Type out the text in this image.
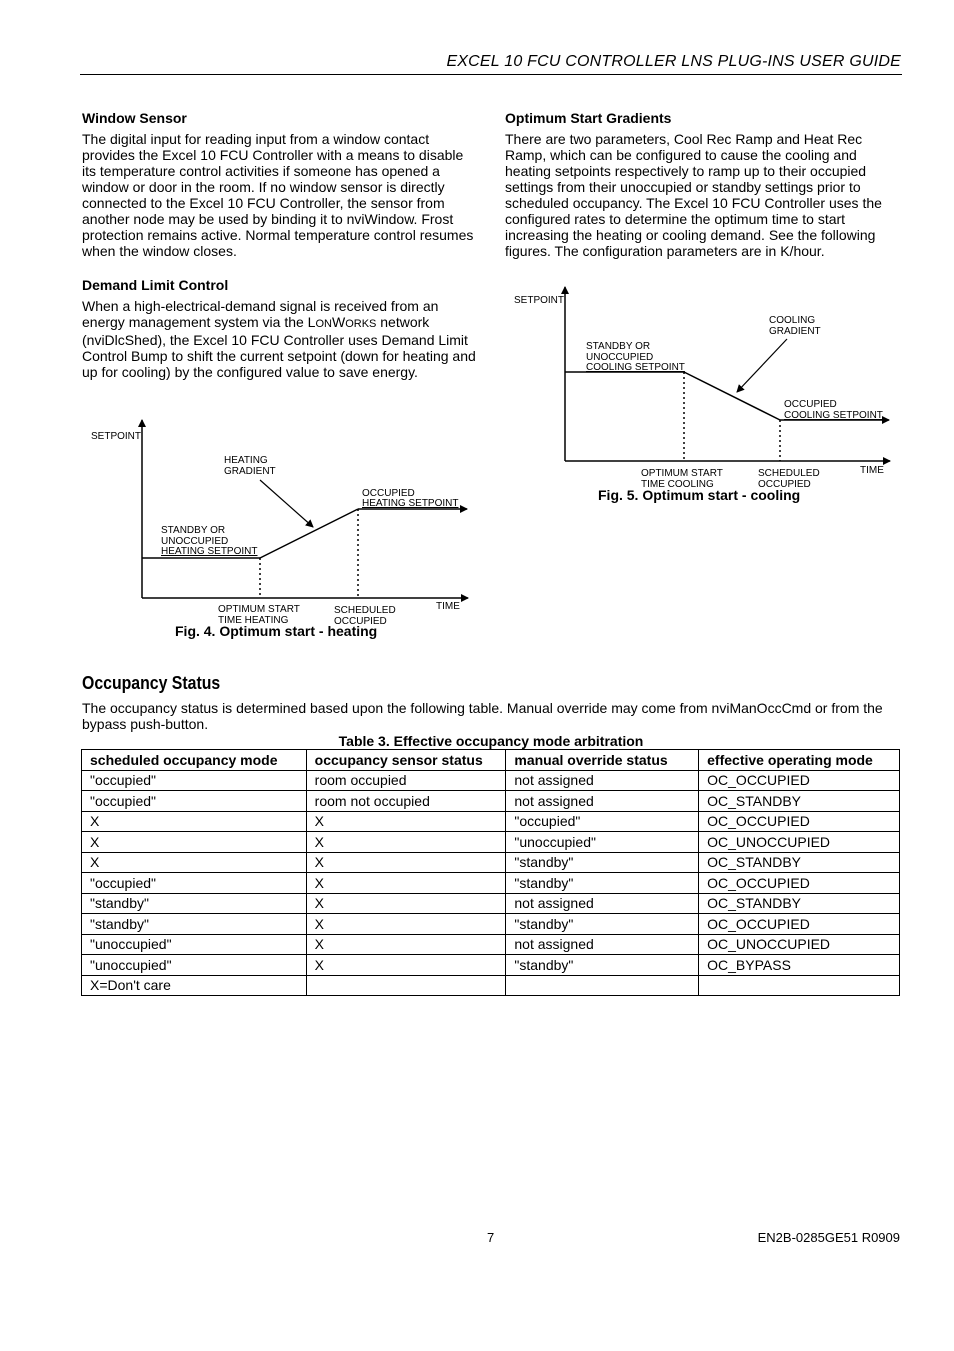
EXCEL 10 FCU CONTROLLER LNS PLUG-INS USER GUIDE

Window Sensor

The digital input for reading input from a window contact provides the Excel 10 FCU Controller with a means to disable its temperature control activities if someone has opened a window or door in the room. If no window sensor is directly connected to the Excel 10 FCU Controller, the sensor from another node may be used by binding it to nviWindow. Frost protection remains active. Normal temperature control resumes when the window closes.

Demand Limit Control

When a high-electrical-demand signal is received from an energy management system via the LONWORKS network (nviDlcShed), the Excel 10 FCU Controller uses Demand Limit Control Bump to shift the current setpoint (down for heating and up for cooling) by the configured value to save energy.

Optimum Start Gradients

There are two parameters, Cool Rec Ramp and Heat Rec Ramp, which can be configured to cause the cooling and heating setpoints respectively to ramp up to their occupied settings from their unoccupied or standby settings prior to scheduled occupancy. The Excel 10 FCU Controller uses the configured rates to determine the optimum time to start increasing the heating or cooling demand. See the following figures. The configuration parameters are in K/hour.

SETPOINT
TIME
HEATING
GRADIENT
STANDBY OR
UNOCCUPIED
HEATING SETPOINT
OCCUPIED
HEATING SETPOINT
OPTIMUM START
TIME HEATING
SCHEDULED
OCCUPIED
Fig. 4. Optimum start - heating
SETPOINT
TIME
COOLING
GRADIENT
STANDBY OR
UNOCCUPIED
COOLING SETPOINT
OCCUPIED
COOLING SETPOINT
OPTIMUM START
TIME COOLING
SCHEDULED
OCCUPIED
Fig. 5. Optimum start - cooling
Occupancy Status
The occupancy status is determined based upon the following table. Manual override may come from nviManOccCmd or from the bypass push-button.
Table 3. Effective occupancy mode arbitration
scheduled occupancy mode	occupancy sensor status	manual override status	effective operating mode
"occupied"	room occupied	not assigned	OC_OCCUPIED
"occupied"	room not occupied	not assigned	OC_STANDBY
X	X	"occupied"	OC_OCCUPIED
X	X	"unoccupied"	OC_UNOCCUPIED
X	X	"standby"	OC_STANDBY
"occupied"	X	"standby"	OC_OCCUPIED
"standby"	X	not assigned	OC_STANDBY
"standby"	X	"standby"	OC_OCCUPIED
"unoccupied"	X	not assigned	OC_UNOCCUPIED
"unoccupied"	X	"standby"	OC_BYPASS
X=Don't care			
7	EN2B-0285GE51 R0909
